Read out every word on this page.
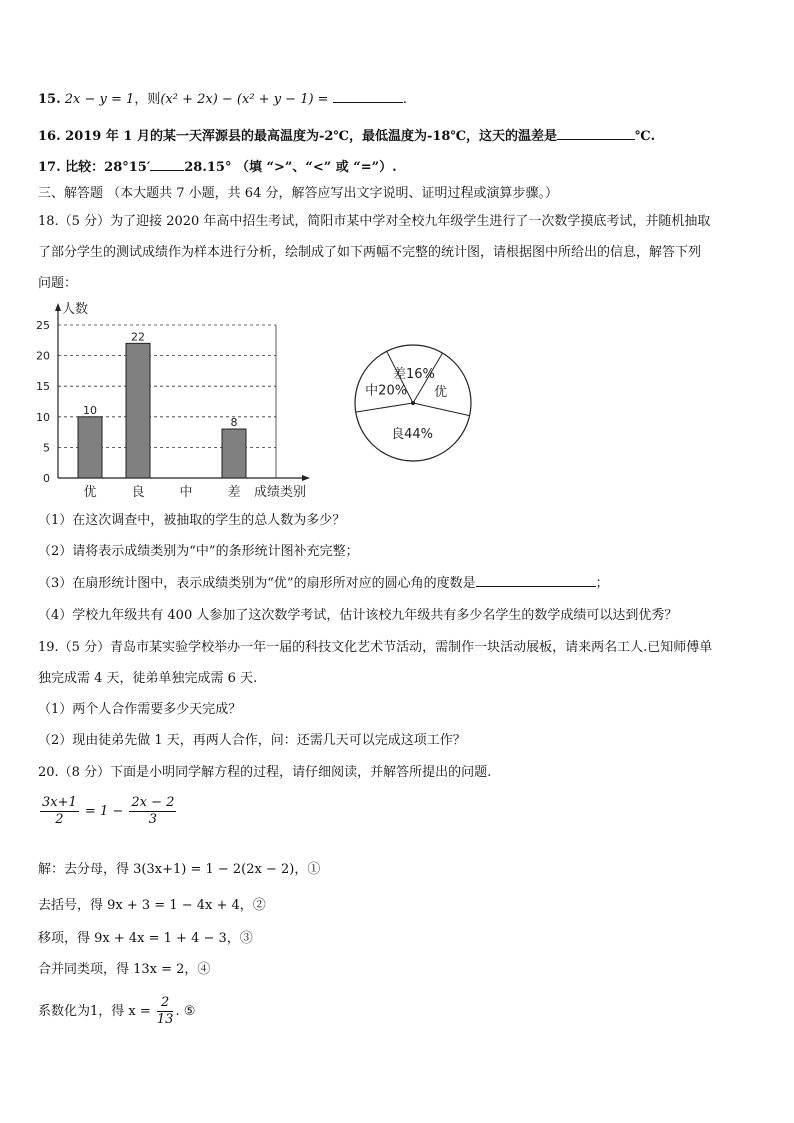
15. 2x − y = 1，则(x² + 2x) − (x² + y − 1) =	.
16. 2019 年 1 月的某一天浑源县的最高温度为-2℃，最低温度为-18℃，这天的温差是	℃.
17. 比较：28°15′	28.15° （填 “>”、“<” 或 “=”）.
三、解答题 （本大题共 7 小题，共 64 分，解答应写出文字说明、证明过程或演算步骤。）
18.（5 分）为了迎接 2020 年高中招生考试，简阳市某中学对全校九年级学生进行了一次数学摸底考试，并随机抽取
了部分学生的测试成绩作为样本进行分析，绘制成了如下两幅不完整的统计图，请根据图中所给出的信息，解答下列
问题：
0
5
10
15
20
25
人数
10
优
22
良	中
8
差 成绩类别
差16%
优
良44%
中20%
（1）在这次调查中，被抽取的学生的总人数为多少？
（2）请将表示成绩类别为“中”的条形统计图补充完整；
（3）在扇形统计图中，表示成绩类别为“优”的扇形所对应的圆心角的度数是	；
（4）学校九年级共有 400 人参加了这次数学考试，估计该校九年级共有多少名学生的数学成绩可以达到优秀？
19.（5 分）青岛市某实验学校举办一年一届的科技文化艺术节活动，需制作一块活动展板，请来两名工人.已知师傅单
独完成需 4 天，徒弟单独完成需 6 天.
（1）两个人合作需要多少天完成？
（2）现由徒弟先做 1 天，再两人合作，问：还需几天可以完成这项工作？
20.（8 分）下面是小明同学解方程的过程，请仔细阅读，并解答所提出的问题.
$\frac{3x+1}{2} = 1 - \frac{2x - 2}{3}$
解：去分母，得 3(3x+1) = 1 − 2(2x − 2)，①
去括号，得 9x + 3 = 1 − 4x + 4，②
移项，得 9x + 4x = 1 + 4 − 3，③
合并同类项，得 13x = 2，④
系数化为1，得 $x = \frac{2}{13}$ . ⑤
